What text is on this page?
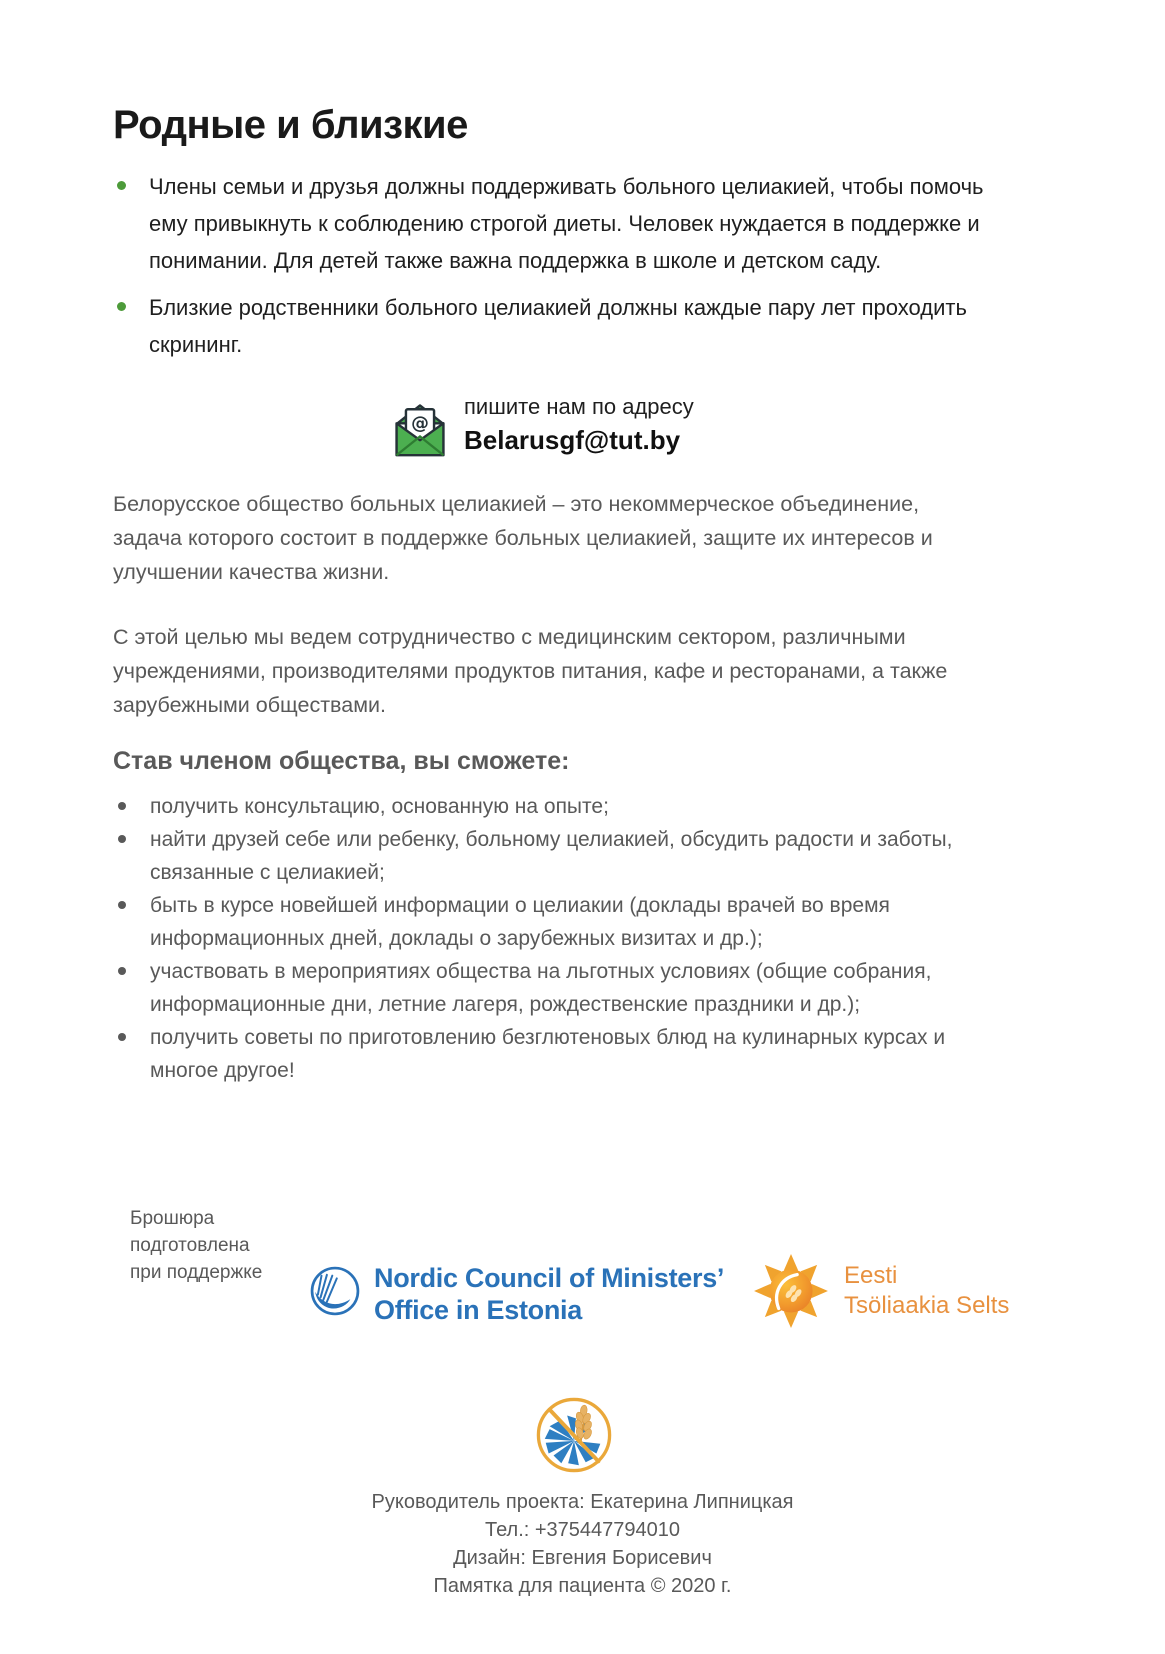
Родные и близкие
Члены семьи и друзья должны поддерживать больного целиакией, чтобы помочь ему привыкнуть к соблюдению строгой диеты. Человек нуждается в поддержке и понимании. Для детей также важна поддержка в школе и детском саду.
Близкие родственники больного целиакией должны каждые пару лет проходить скрининг.
@
пишите нам по адресу
Belarusgf@tut.by

Белорусское общество больных целиакией – это некоммерческое объединение, задача которого состоит в поддержке больных целиакией, защите их интересов и улучшении качества жизни.

С этой целью мы ведем сотрудничество с медицинским сектором, различными учреждениями, производителями продуктов питания, кафе и ресторанами, а также зарубежными обществами.

Став членом общества, вы сможете:
получить консультацию, основанную на опыте;
найти друзей себе или ребенку, больному целиакией, обсудить радости и заботы, связанные с целиакией;
быть в курсе новейшей информации о целиакии (доклады врачей во время информационных дней, доклады о зарубежных визитах и др.);
участвовать в мероприятиях общества на льготных условиях (общие собрания, информационные дни, летние лагеря, рождественские праздники и др.);
получить советы по приготовлению безглютеновых блюд на кулинарных курсах и многое другое!
Брошюра
подготовлена
при поддержке	Nordic Council of Ministers’
Office in Estonia
Eesti
Tsöliaakia Selts
Руководитель проекта: Екатерина Липницкая
Тел.: +375447794010
Дизайн: Евгения Борисевич
Памятка для пациента © 2020 г.
